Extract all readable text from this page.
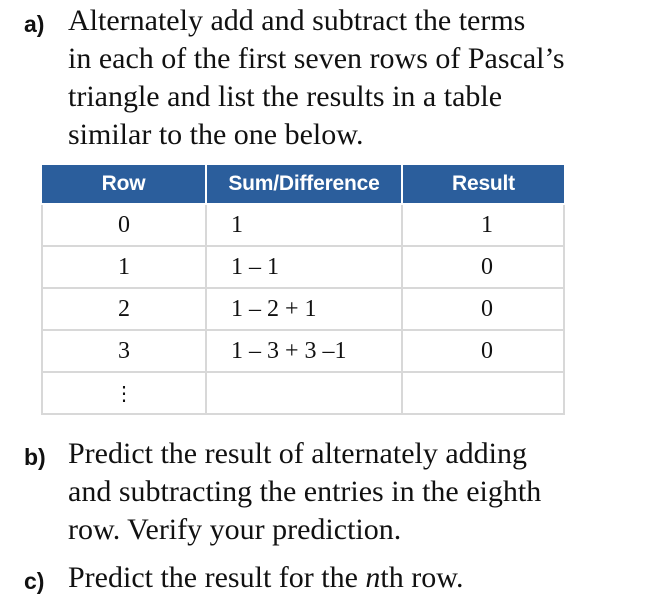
a) Alternately add and subtract the terms
in each of the first seven rows of Pascal’s
triangle and list the results in a table
similar to the one below.
Row	Sum/Difference	Result
0	1	1
1	1 – 1	0
2	1 – 2 + 1	0
3	1 – 3 + 3 –1	0
⋮		
b) Predict the result of alternately adding
and subtracting the entries in the eighth
row. Verify your prediction.
c) Predict the result for the nth row.
